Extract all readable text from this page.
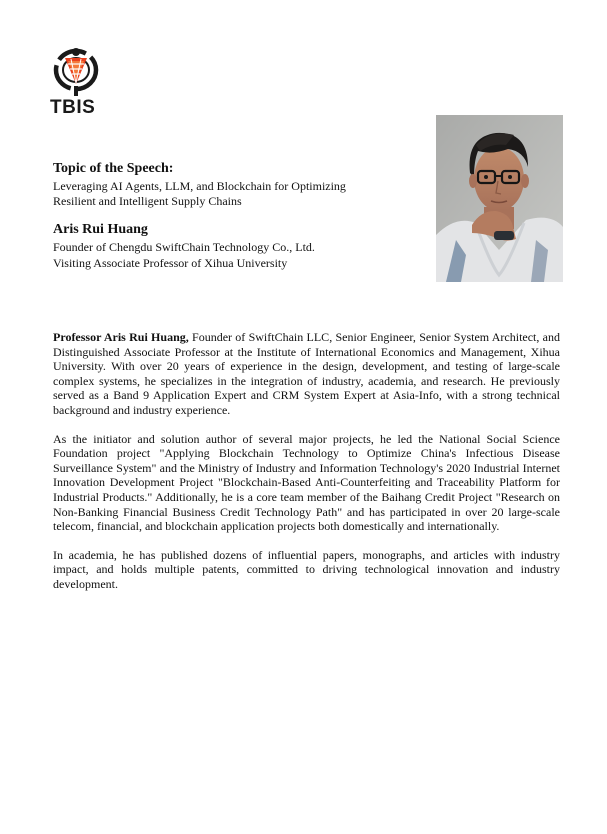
TBIS
Topic of the Speech:

Leveraging AI Agents, LLM, and Blockchain for Optimizing
Resilient and Intelligent Supply Chains

Aris Rui Huang
Founder of Chengdu SwiftChain Technology Co., Ltd.
Visiting Associate Professor of Xihua University

Professor Aris Rui Huang, Founder of SwiftChain LLC, Senior Engineer, Senior System Architect, and Distinguished Associate Professor at the Institute of International Economics and Management, Xihua University. With over 20 years of experience in the design, development, and testing of large-scale complex systems, he specializes in the integration of industry, academia, and research. He previously served as a Band 9 Application Expert and CRM System Expert at Asia-Info, with a strong technical background and industry experience.

As the initiator and solution author of several major projects, he led the National Social Science Foundation project "Applying Blockchain Technology to Optimize China's Infectious Disease Surveillance System" and the Ministry of Industry and Information Technology's 2020 Industrial Internet Innovation Development Project "Blockchain-Based Anti-Counterfeiting and Traceability Platform for Industrial Products." Additionally, he is a core team member of the Baihang Credit Project "Research on Non-Banking Financial Business Credit Technology Path" and has participated in over 20 large-scale telecom, financial, and blockchain application projects both domestically and internationally.

In academia, he has published dozens of influential papers, monographs, and articles with industry impact, and holds multiple patents, committed to driving technological innovation and industry development.
